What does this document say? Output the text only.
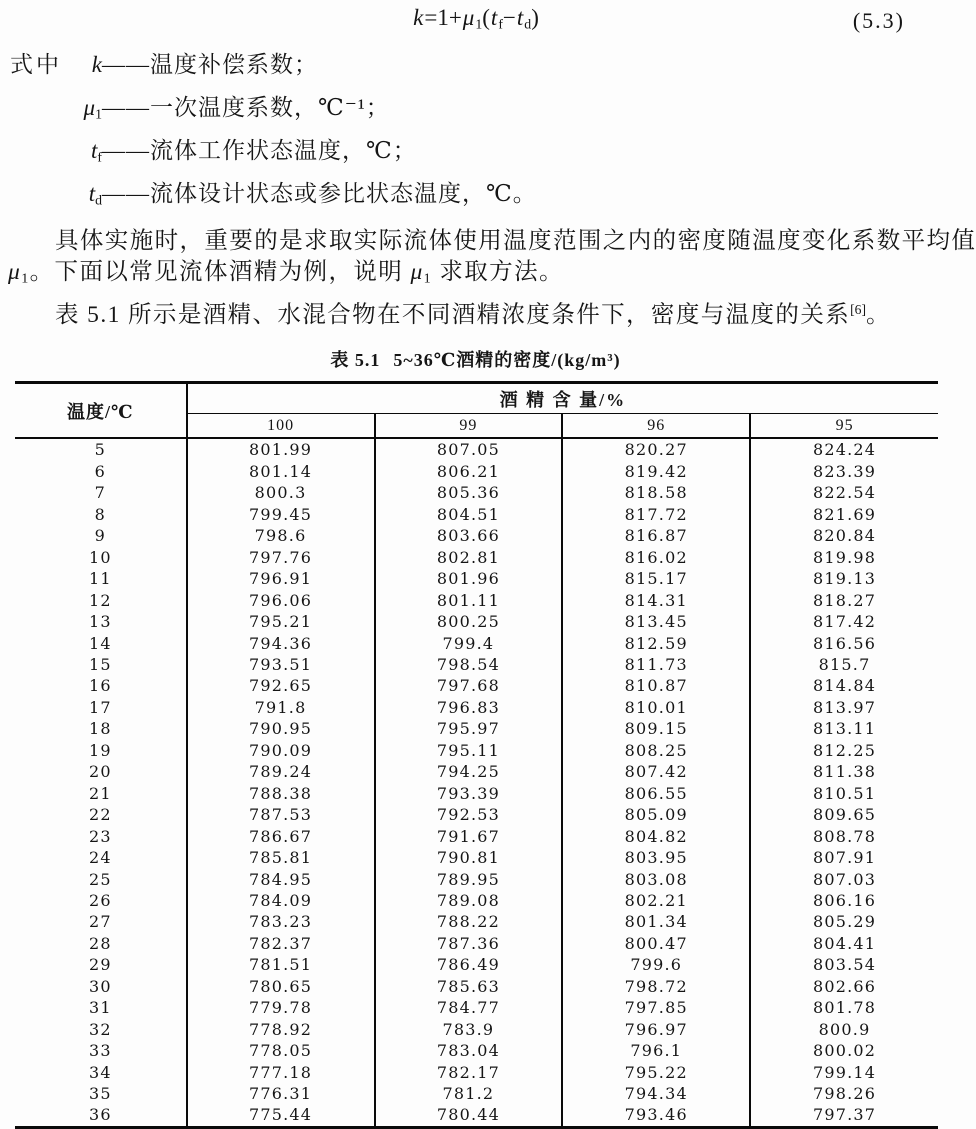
$k=1+\mu_1(t_f-t_d)$	(5.3)
式中	k ——温度补偿系数；
$\mu_1$ ——一次温度系数，℃⁻¹；
$t_f$ ——流体工作状态温度，℃；
$t_d$ ——流体设计状态或参比状态温度，℃。
具体实施时，重要的是求取实际流体使用温度范围之内的密度随温度变化系数平均值
$\mu_1$。下面以常见流体酒精为例，说明 $\mu_1$ 求取方法。
表 5.1 所示是酒精、水混合物在不同酒精浓度条件下，密度与温度的关系[6]。
表 5.1 5~36℃酒精的密度/(kg/m³)
温度/℃	酒 精 含 量/%			
	100	99	96	95
5	801.99	807.05	820.27	824.24
6	801.14	806.21	819.42	823.39
7	800.3	805.36	818.58	822.54
8	799.45	804.51	817.72	821.69
9	798.6	803.66	816.87	820.84
10	797.76	802.81	816.02	819.98
11	796.91	801.96	815.17	819.13
12	796.06	801.11	814.31	818.27
13	795.21	800.25	813.45	817.42
14	794.36	799.4	812.59	816.56
15	793.51	798.54	811.73	815.7
16	792.65	797.68	810.87	814.84
17	791.8	796.83	810.01	813.97
18	790.95	795.97	809.15	813.11
19	790.09	795.11	808.25	812.25
20	789.24	794.25	807.42	811.38
21	788.38	793.39	806.55	810.51
22	787.53	792.53	805.09	809.65
23	786.67	791.67	804.82	808.78
24	785.81	790.81	803.95	807.91
25	784.95	789.95	803.08	807.03
26	784.09	789.08	802.21	806.16
27	783.23	788.22	801.34	805.29
28	782.37	787.36	800.47	804.41
29	781.51	786.49	799.6	803.54
30	780.65	785.63	798.72	802.66
31	779.78	784.77	797.85	801.78
32	778.92	783.9	796.97	800.9
33	778.05	783.04	796.1	800.02
34	777.18	782.17	795.22	799.14
35	776.31	781.2	794.34	798.26
36	775.44	780.44	793.46	797.37
